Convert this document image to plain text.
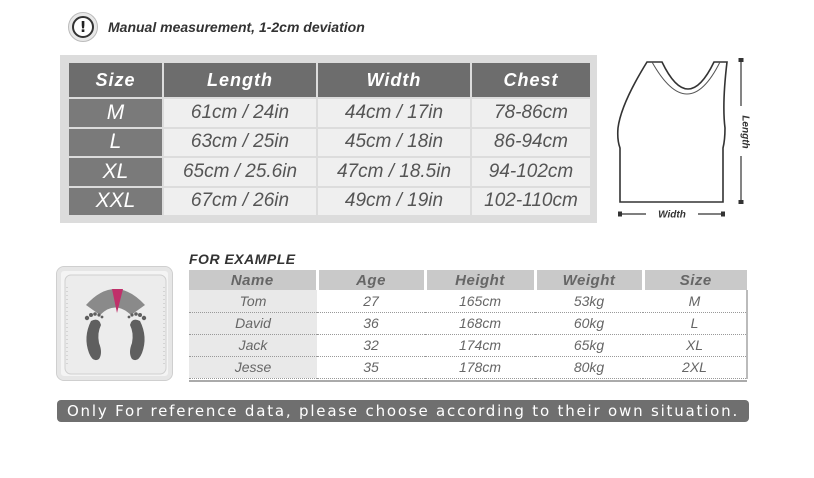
!	Manual measurement, 1-2cm deviation
Size	Length	Width	Chest
M	61cm / 24in	44cm / 17in	78-86cm
L	63cm / 25in	45cm / 18in	86-94cm
XL	65cm / 25.6in	47cm / 18.5in	94-102cm
XXL	67cm / 26in	49cm / 19in	102-110cm
Length
Width
FOR EXAMPLE
Name	Age	Height	Weight	Size
Tom	27	165cm	53kg	M
David	36	168cm	60kg	L
Jack	32	174cm	65kg	XL
Jesse	35	178cm	80kg	2XL
Only For reference data, please choose according to their own situation.
